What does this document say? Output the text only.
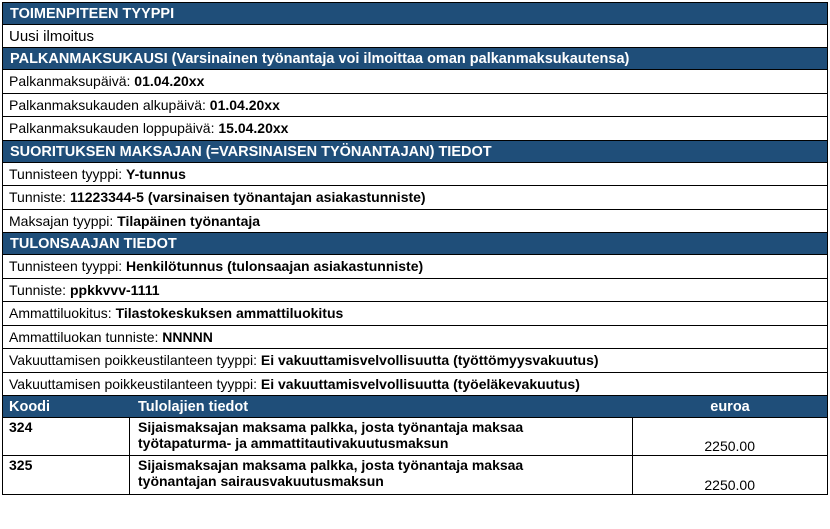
TOIMENPITEEN TYYPPI
Uusi ilmoitus
PALKANMAKSUKAUSI (Varsinainen työnantaja voi ilmoittaa oman palkanmaksukautensa)
Palkanmaksupäivä: 01.04.20xx
Palkanmaksukauden alkupäivä: 01.04.20xx
Palkanmaksukauden loppupäivä: 15.04.20xx
SUORITUKSEN MAKSAJAN (=VARSINAISEN TYÖNANTAJAN) TIEDOT
Tunnisteen tyyppi: Y-tunnus
Tunniste: 11223344-5 (varsinaisen työnantajan asiakastunniste)
Maksajan tyyppi: Tilapäinen työnantaja
TULONSAAJAN TIEDOT
Tunnisteen tyyppi: Henkilötunnus (tulonsaajan asiakastunniste)
Tunniste: ppkkvvv-1111
Ammattiluokitus: Tilastokeskuksen ammattiluokitus
Ammattiluokan tunniste: NNNNN
Vakuuttamisen poikkeustilanteen tyyppi: Ei vakuuttamisvelvollisuutta (työttömyysvakuutus)
Vakuuttamisen poikkeustilanteen tyyppi: Ei vakuuttamisvelvollisuutta (työeläkevakuutus)
Koodi	Tulolajien tiedot	euroa
324	Sijaismaksajan maksama palkka, josta työnantaja maksaa
työtapaturma- ja ammattitautivakuutusmaksun	2250.00
325	Sijaismaksajan maksama palkka, josta työnantaja maksaa
työnantajan sairausvakuutusmaksun	2250.00
